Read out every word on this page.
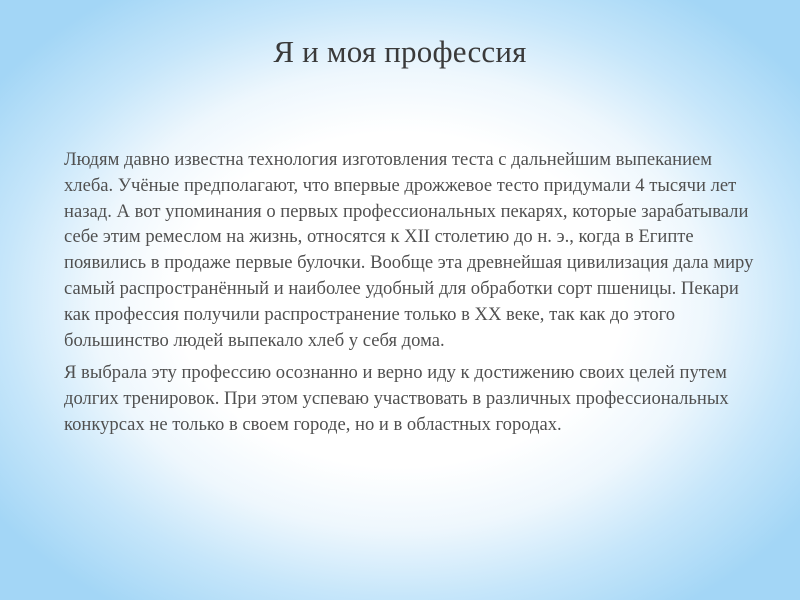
Я и моя профессия

Людям давно известна технология изготовления теста с дальнейшим выпеканием хлеба. Учёные предполагают, что впервые дрожжевое тесто придумали 4 тысячи лет назад. А вот упоминания о первых профессиональных пекарях, которые зарабатывали себе этим ремеслом на жизнь, относятся к XII столетию до н. э., когда в Египте появились в продаже первые булочки. Вообще эта древнейшая цивилизация дала миру самый распространённый и наиболее удобный для обработки сорт пшеницы. Пекари как профессия получили распространение только в XX веке, так как до этого большинство людей выпекало хлеб у себя дома.

Я выбрала эту профессию осознанно и верно иду к достижению своих целей путем долгих тренировок. При этом успеваю участвовать в различных профессиональных конкурсах не только в своем городе, но и в областных городах.
